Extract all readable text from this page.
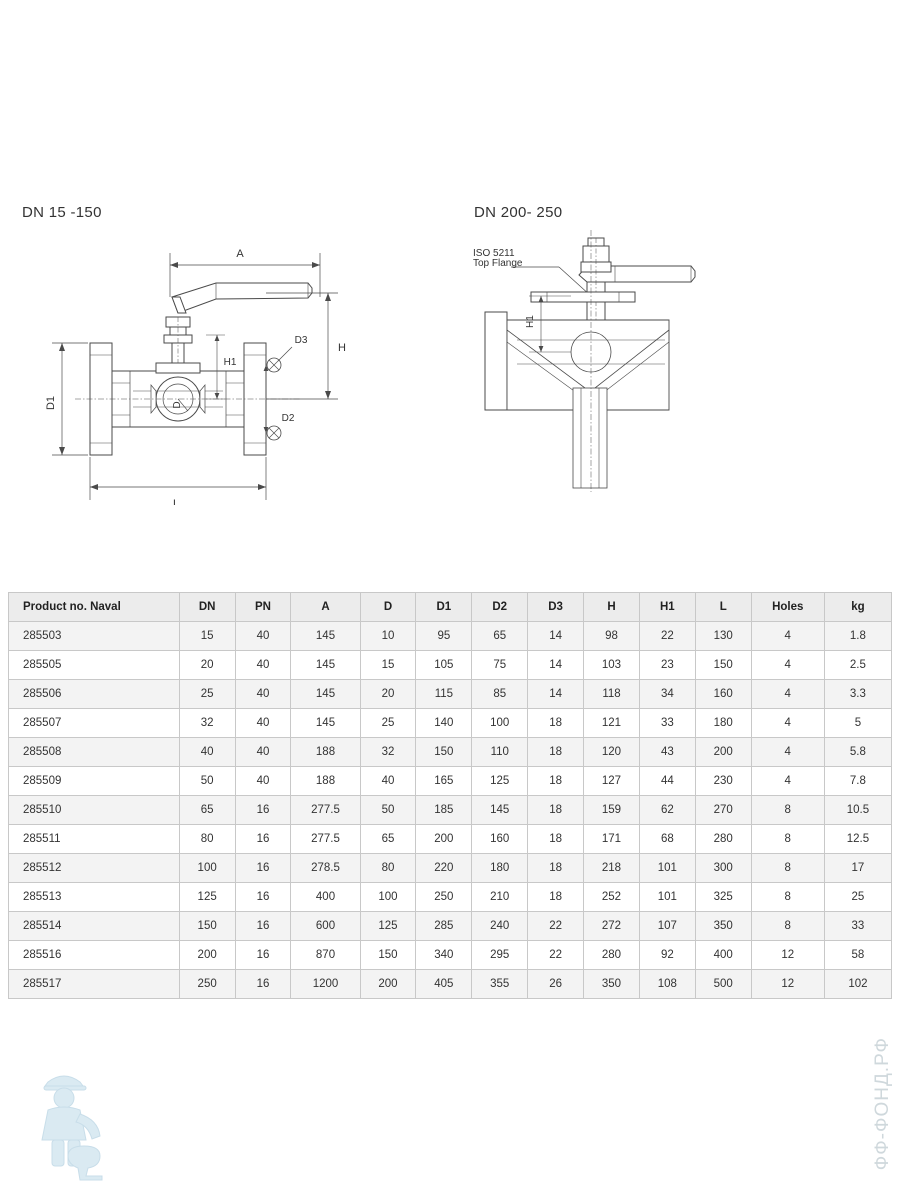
DN 15 -150	DN 200- 250
A
H
H1
L
D1	D
D2
D3
ISO 5211
Top Flange
H1
Product no. Naval	DN	PN	A	D	D1	D2	D3	H	H1	L	Holes	kg
285503	15	40	145	10	95	65	14	98	22	130	4	1.8
285505	20	40	145	15	105	75	14	103	23	150	4	2.5
285506	25	40	145	20	115	85	14	118	34	160	4	3.3
285507	32	40	145	25	140	100	18	121	33	180	4	5
285508	40	40	188	32	150	110	18	120	43	200	4	5.8
285509	50	40	188	40	165	125	18	127	44	230	4	7.8
285510	65	16	277.5	50	185	145	18	159	62	270	8	10.5
285511	80	16	277.5	65	200	160	18	171	68	280	8	12.5
285512	100	16	278.5	80	220	180	18	218	101	300	8	17
285513	125	16	400	100	250	210	18	252	101	325	8	25
285514	150	16	600	125	285	240	22	272	107	350	8	33
285516	200	16	870	150	340	295	22	280	92	400	12	58
285517	250	16	1200	200	405	355	26	350	108	500	12	102
ФФ-ФОНД.РФ
